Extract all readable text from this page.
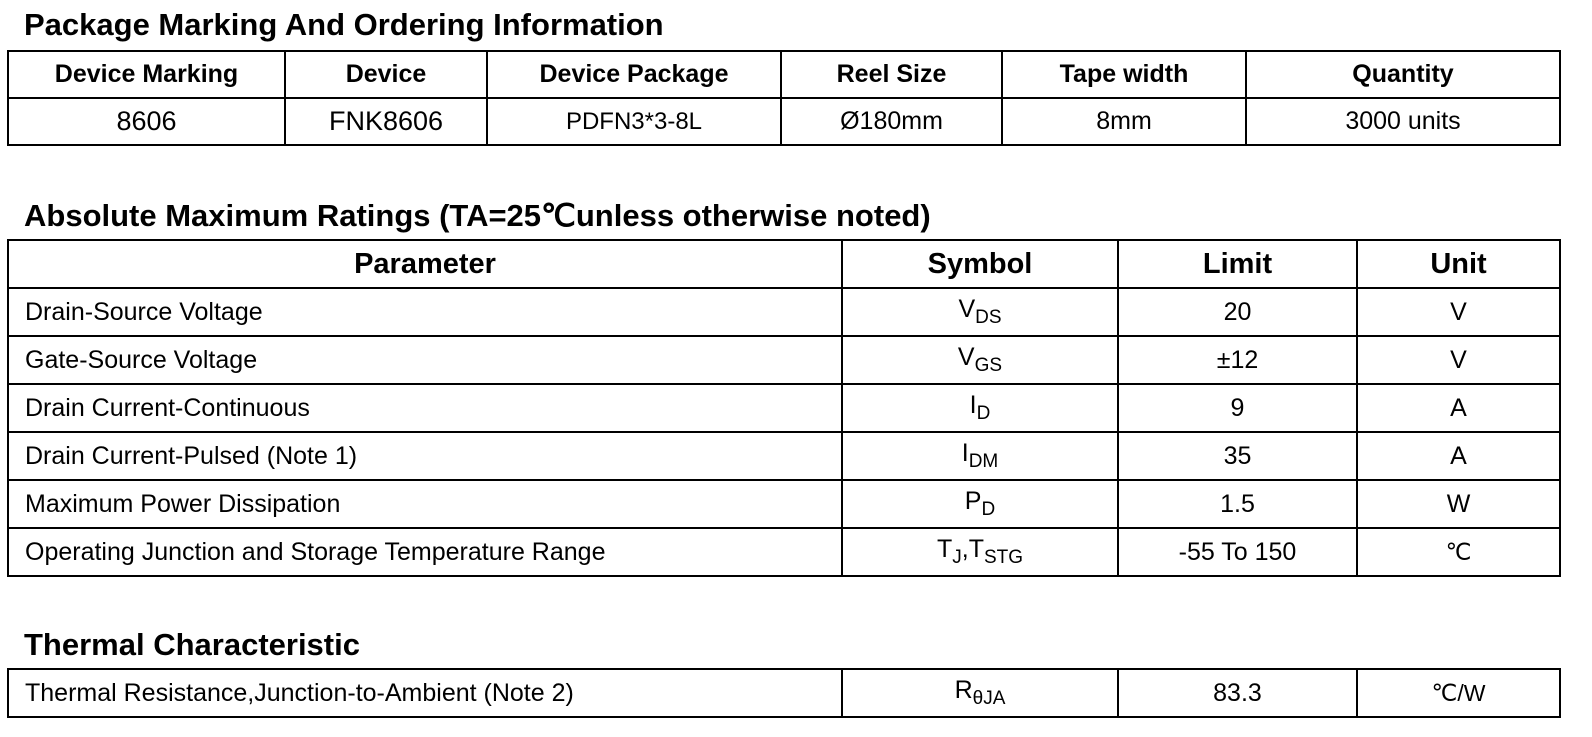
Package Marking And Ordering Information
Device Marking	Device	Device Package	Reel Size	Tape width	Quantity
8606	FNK8606	PDFN3*3-8L	Ø180mm	8mm	3000 units
Absolute Maximum Ratings (TA=25℃unless otherwise noted)
Parameter	Symbol	Limit	Unit
Drain-Source Voltage	$V_{DS}$	20	V
Gate-Source Voltage	$V_{GS}$	±12	V
Drain Current-Continuous	$I_D$	9	A
Drain Current-Pulsed (Note 1)	$I_{DM}$	35	A
Maximum Power Dissipation	$P_D$	1.5	W
Operating Junction and Storage Temperature Range	$T_J,T_{STG}$	-55 To 150	℃
Thermal Characteristic
Thermal Resistance,Junction-to-Ambient (Note 2)	$R_{\theta JA}$	83.3	℃/W
